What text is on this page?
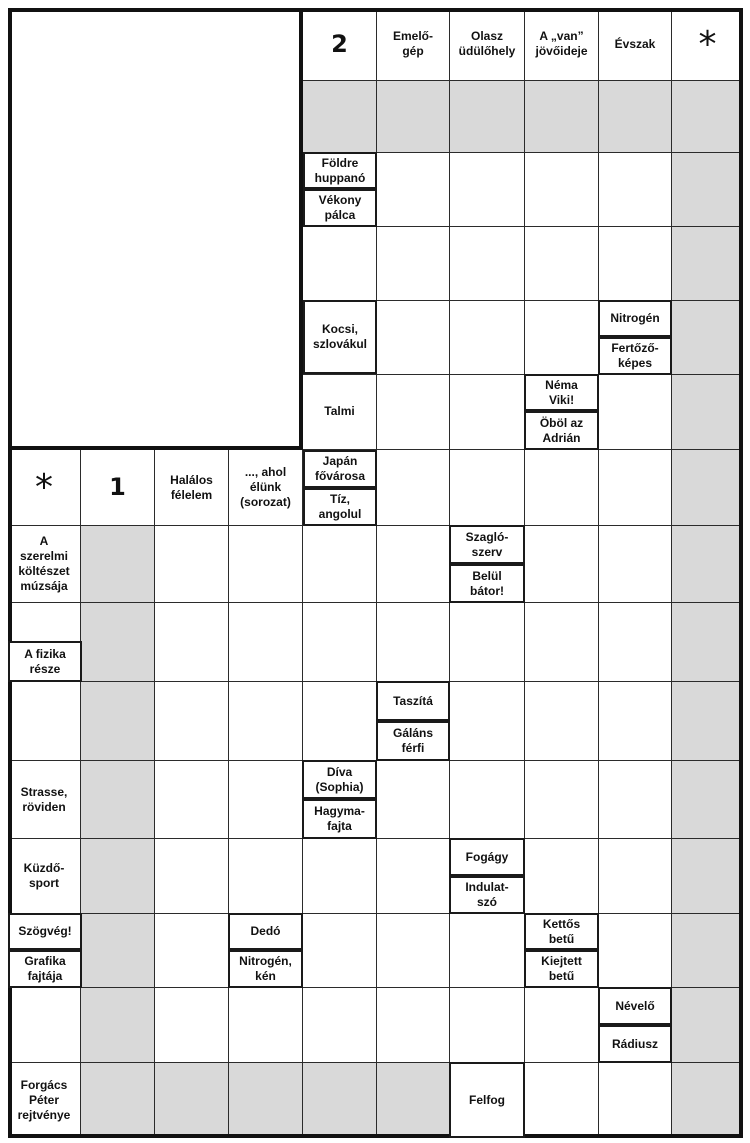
2	Emelő-
gép
Olasz
üdülőhely
A „van”
jövőideje
Évszak	*
*	1	Halálos
félelem
..., ahol
élünk
(sorozat)
Földre
huppanó
Vékony
pálca
Kocsi,
szlovákul
Talmi
Japán
fővárosa
Tíz,
angolul
Nitrogén
Fertőző-
képes
Néma
Viki!
Öböl az
Adrián
A
szerelmi
költészet
múzsája
A fizika
része
Strasse,
röviden
Küzdő-
sport
Szögvég!
Grafika
fajtája
Forgács
Péter
rejtvénye
Szagló-
szerv
Belül
bátor!
Taszítá
Gáláns
férfi
Díva
(Sophia)
Hagyma-
fajta
Fogágy
Indulat-
szó
Dedó
Nitrogén,
kén
Kettős
betű
Kiejtett
betű
Névelő
Rádiusz
Felfog
